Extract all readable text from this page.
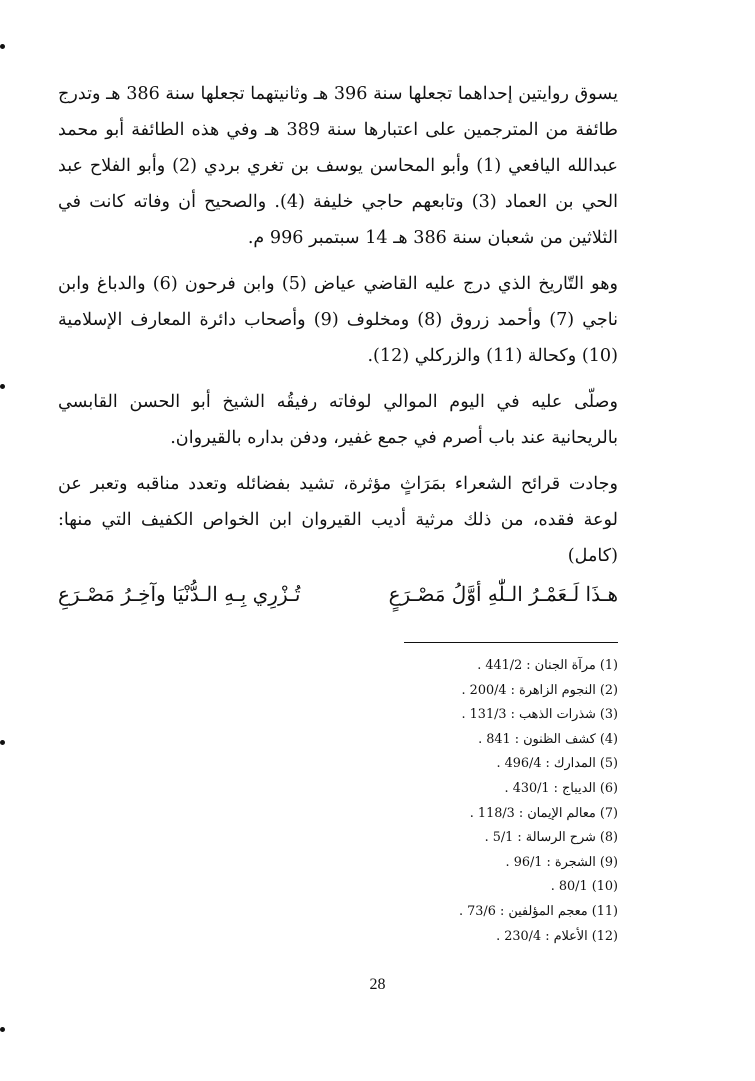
يسوق روايتين إحداهما تجعلها سنة 396 هـ وثانيتهما تجعلها سنة 386 هـ وتدرج طائفة من المترجمين على اعتبارها سنة 389 هـ وفي هذه الطائفة أبو محمد عبدالله اليافعي (1) وأبو المحاسن يوسف بن تغري بردي (2) وأبو الفلاح عبد الحي بن العماد (3) وتابعهم حاجي خليفة (4). والصحيح أن وفاته كانت في الثلاثين من شعبان سنة 386 هـ 14 سبتمبر 996 م.

وهو التّاريخ الذي درج عليه القاضي عياض (5) وابن فرحون (6) والدباغ وابن ناجي (7) وأحمد زروق (8) ومخلوف (9) وأصحاب دائرة المعارف الإسلامية (10) وكحالة (11) والزركلي (12).

وصلّى عليه في اليوم الموالي لوفاته رفيقُه الشيخ أبو الحسن القابسي بالريحانية عند باب أصرم في جمع غفير، ودفن بداره بالقيروان.

وجادت قرائح الشعراء بمَرَاثٍ مؤثرة، تشيد بفضائله وتعدد مناقبه وتعبر عن لوعة فقده، من ذلك مرثية أديب القيروان ابن الخواص الكفيف التي منها: (كامل)

هـذَا لَـعَمْـرُ الـلّٰهِ أوَّلُ مَصْـرَعٍ
تُـزْرِي بِـهِ الـدُّنْيَا وآخِـرُ مَصْـرَعِ
(1) مرآة الجنان : 441/2 .
(2) النجوم الزاهرة : 200/4 .
(3) شذرات الذهب : 131/3 .
(4) كشف الظنون : 841 .
(5) المدارك : 496/4 .
(6) الديباج : 430/1 .
(7) معالم الإيمان : 118/3 .
(8) شرح الرسالة : 5/1 .
(9) الشجرة : 96/1 .
(10) 80/1 .
(11) معجم المؤلفين : 73/6 .
(12) الأعلام : 230/4 .
28
